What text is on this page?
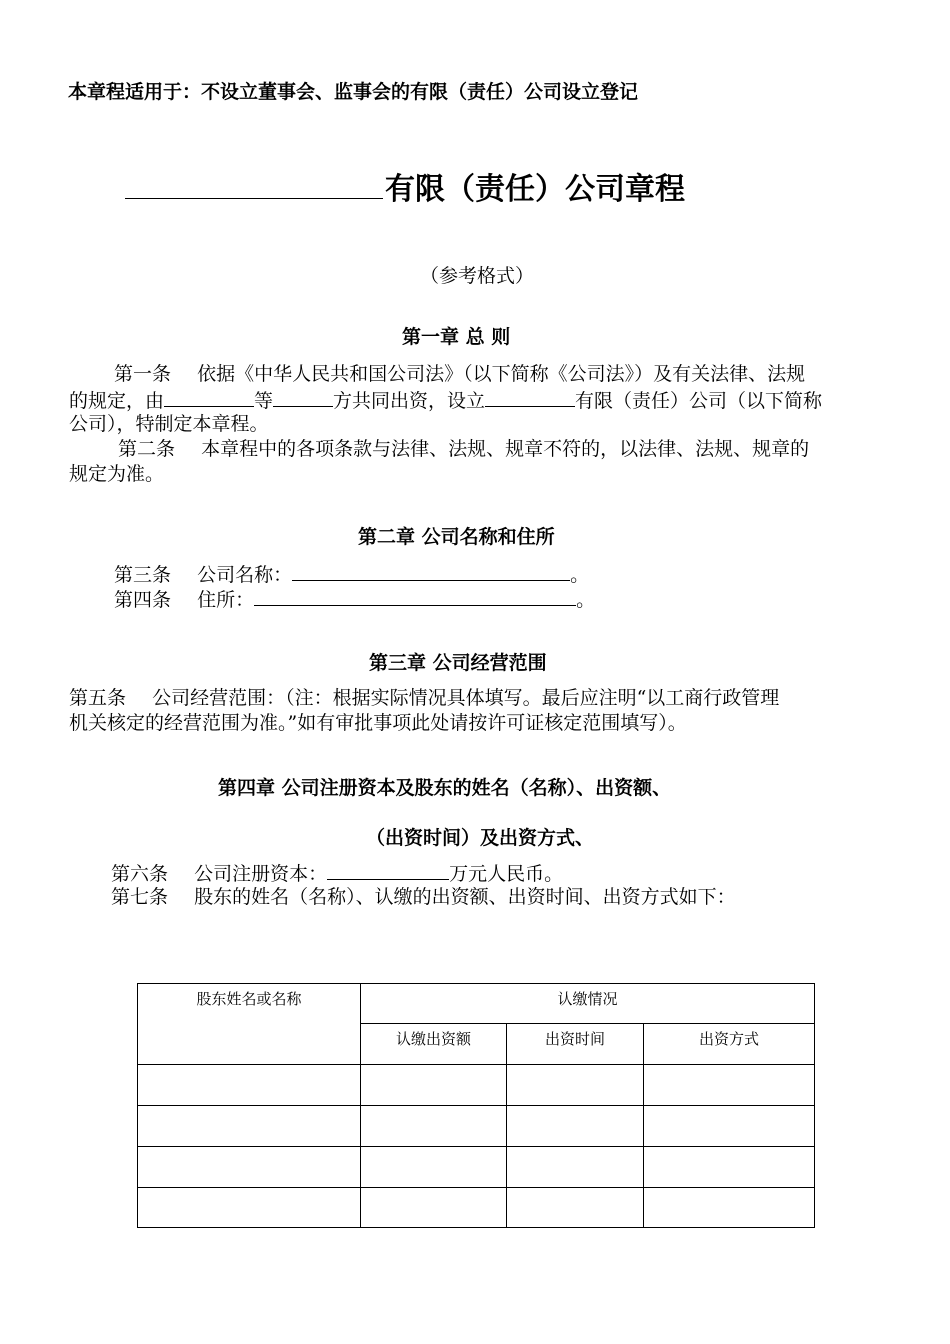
本章程适用于：不设立董事会、监事会的有限（责任）公司设立登记
有限（责任）公司章程
（参考格式）
第一章 总 则
第一条 依据《中华人民共和国公司法》（以下简称《公司法》）及有关法律、法规
的规定，由	等	方共同出资，设立	有限（责任）公司（以下简称
公司），特制定本章程。
第二条 本章程中的各项条款与法律、法规、规章不符的，以法律、法规、规章的
规定为准。
第二章 公司名称和住所
第三条 公司名称：	。
第四条 住所：	。
第三章 公司经营范围
第五条 公司经营范围：（注：根据实际情况具体填写。最后应注明“以工商行政管理
机关核定的经营范围为准。”如有审批事项此处请按许可证核定范围填写）。
第四章 公司注册资本及股东的姓名（名称）、出资额、
（出资时间）及出资方式、
第六条 公司注册资本：	万元人民币。
第七条 股东的姓名（名称）、认缴的出资额、出资时间、出资方式如下：
股东姓名或名称	认缴情况		

	认缴出资额	出资时间	出资方式
